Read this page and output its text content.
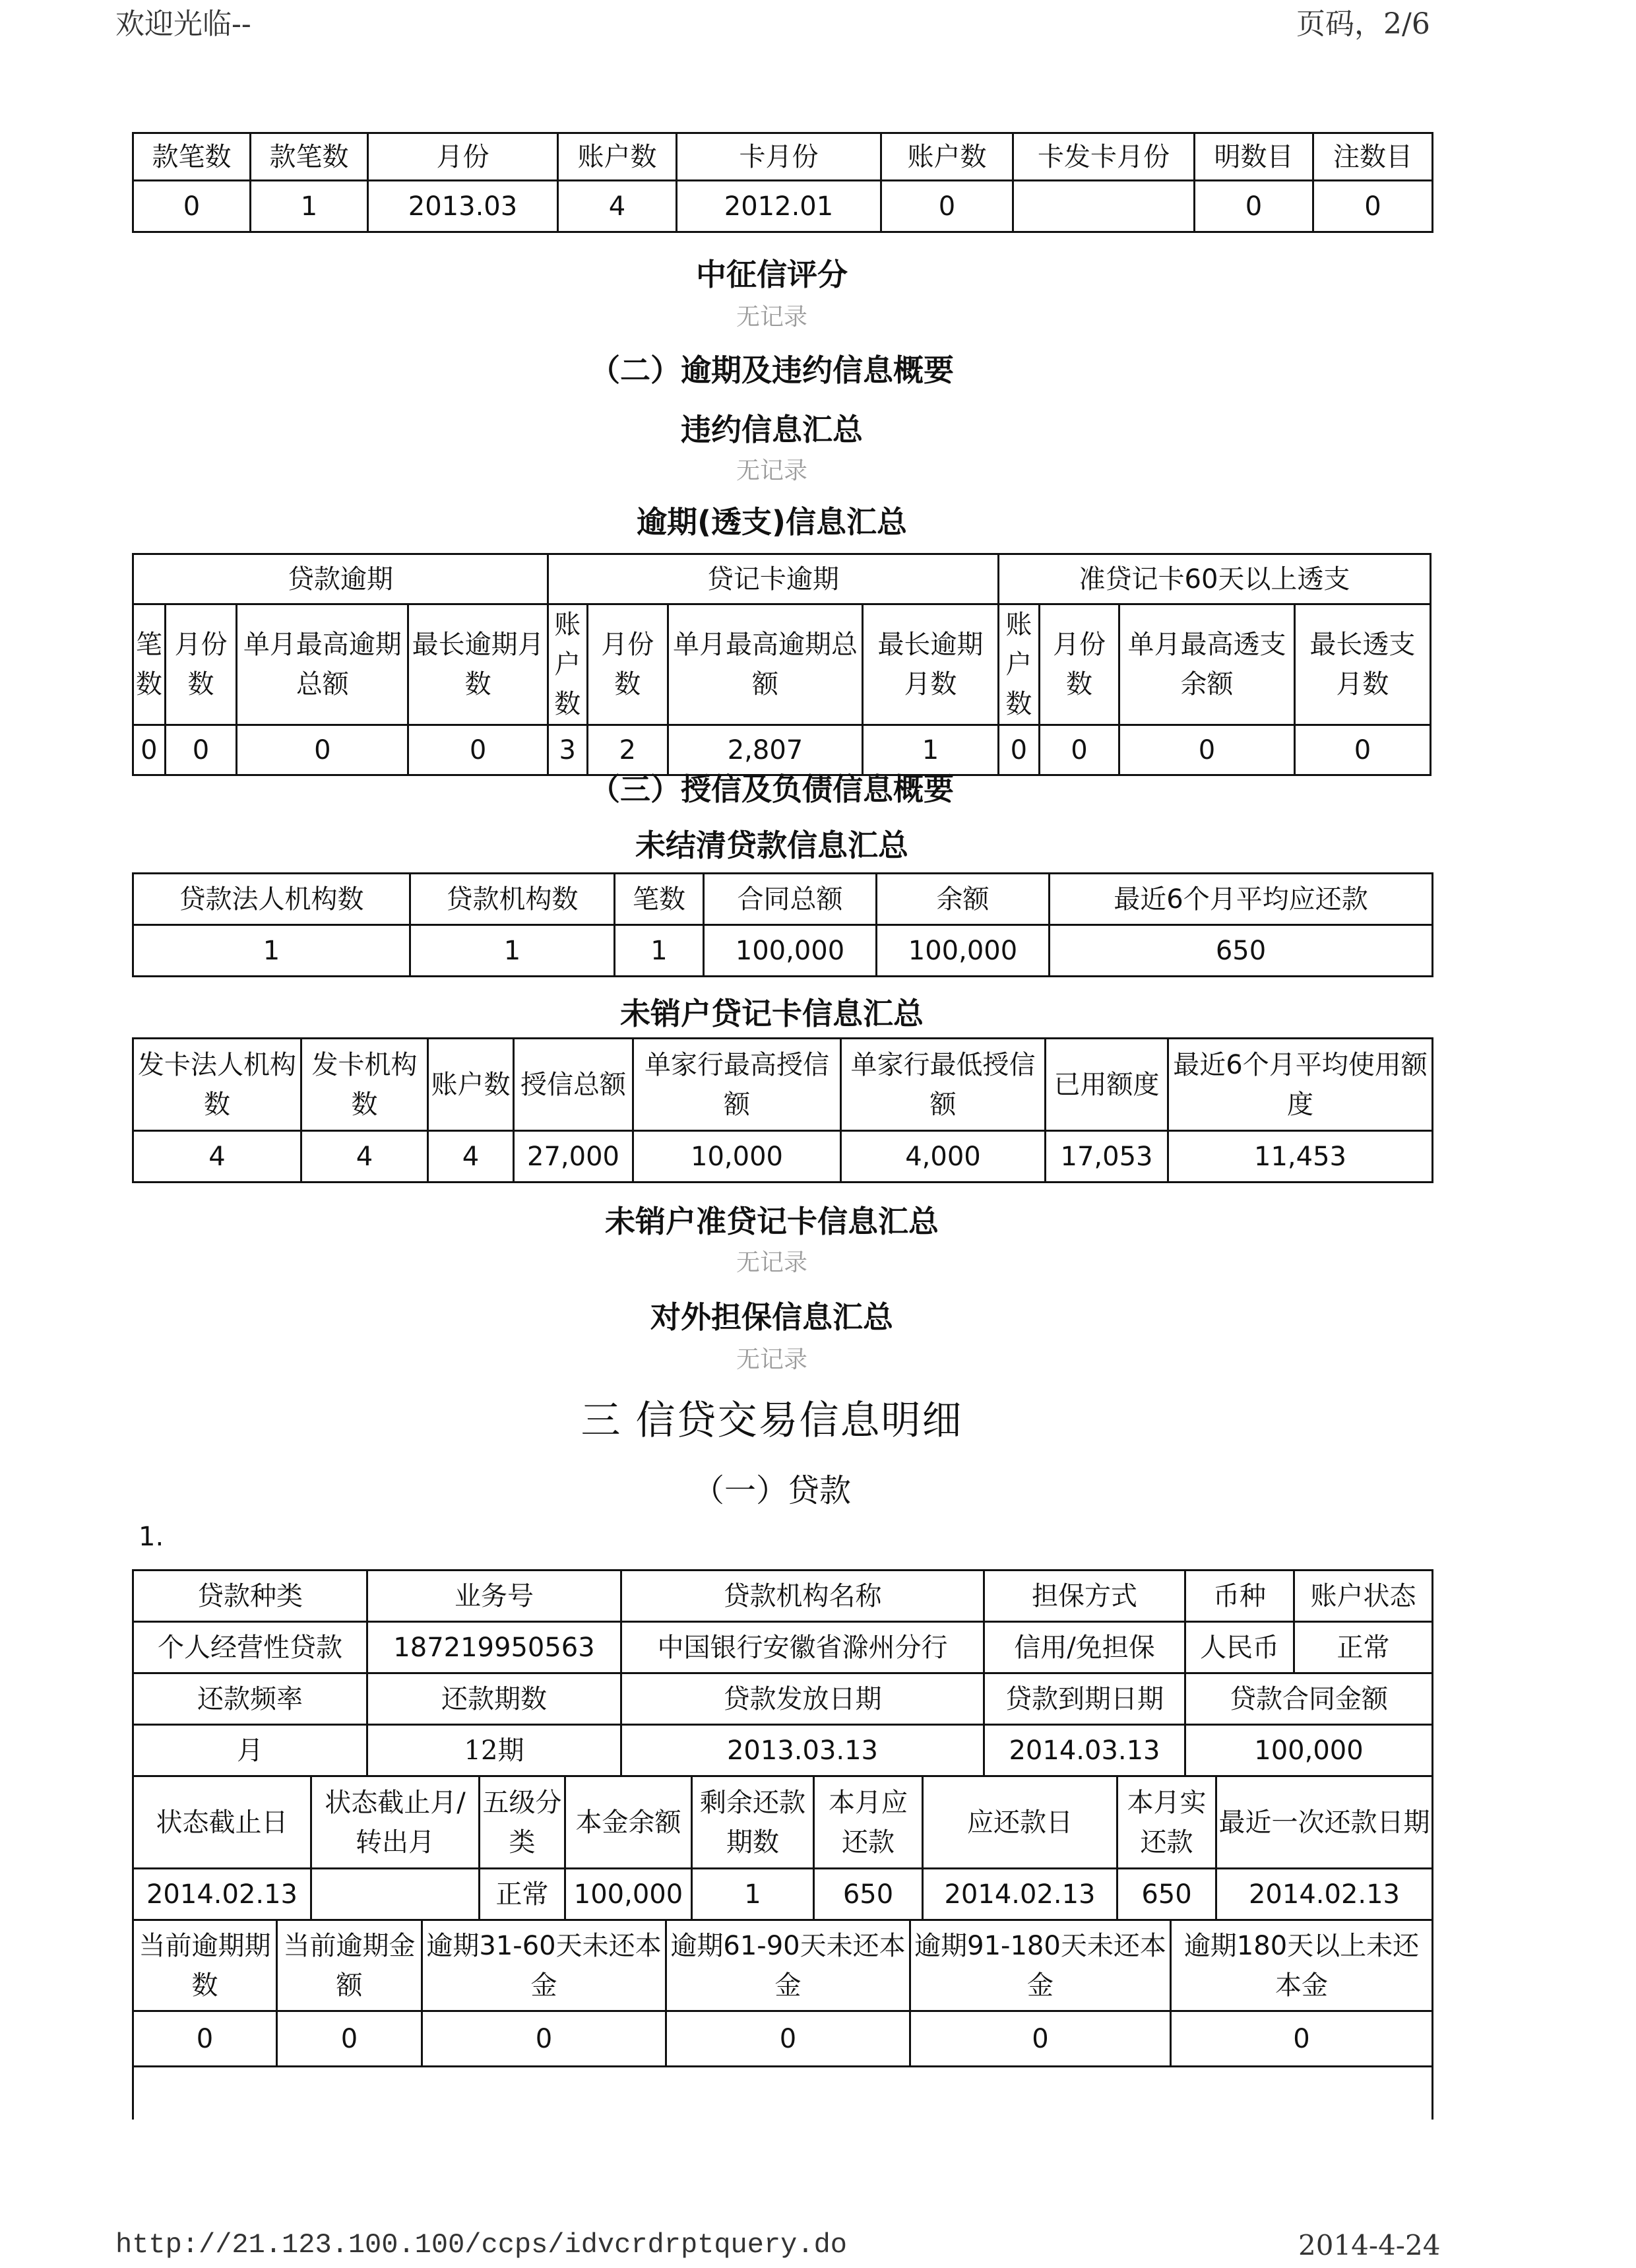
欢迎光临--	页码，2/6
款笔数	款笔数	月份	账户数	卡月份	账户数	卡发卡月份	明数目	注数目
0	1	2013.03	4	2012.01	0		0	0
中征信评分
无记录
（二）逾期及违约信息概要
违约信息汇总
无记录
逾期(透支)信息汇总
贷款逾期				贷记卡逾期				准贷记卡60天以上透支			
笔数	月份数	单月最高逾期总额	最长逾期月数	账户数	月份数	单月最高逾期总额	最长逾期月数	账户数	月份数	单月最高透支余额	最长透支月数
0	0	0	0	3	2	2,807	1	0	0	0	0
（三）授信及负债信息概要
未结清贷款信息汇总
贷款法人机构数	贷款机构数	笔数	合同总额	余额	最近6个月平均应还款
1	1	1	100,000	100,000	650
未销户贷记卡信息汇总
发卡法人机构数	发卡机构数	账户数	授信总额	单家行最高授信额	单家行最低授信额	已用额度	最近6个月平均使用额度
4	4	4	27,000	10,000	4,000	17,053	11,453
未销户准贷记卡信息汇总
无记录
对外担保信息汇总
无记录
三 信贷交易信息明细
（一）贷款
1.
贷款种类	业务号	贷款机构名称	担保方式	币种	账户状态
个人经营性贷款	187219950563	中国银行安徽省滁州分行	信用/免担保	人民币	正常
还款频率	还款期数	贷款发放日期	贷款到期日期	贷款合同金额	
月	12期	2013.03.13	2014.03.13	100,000	
状态截止日	状态截止月/转出月	五级分类	本金余额	剩余还款期数	本月应还款	应还款日	本月实还款	最近一次还款日期
2014.02.13		正常	100,000	1	650	2014.02.13	650	2014.02.13
当前逾期期数	当前逾期金额	逾期31-60天未还本金	逾期61-90天未还本金	逾期91-180天未还本金	逾期180天以上未还本金
0	0	0	0	0	0

http://21.123.100.100/ccps/idvcrdrptquery.do	2014-4-24
